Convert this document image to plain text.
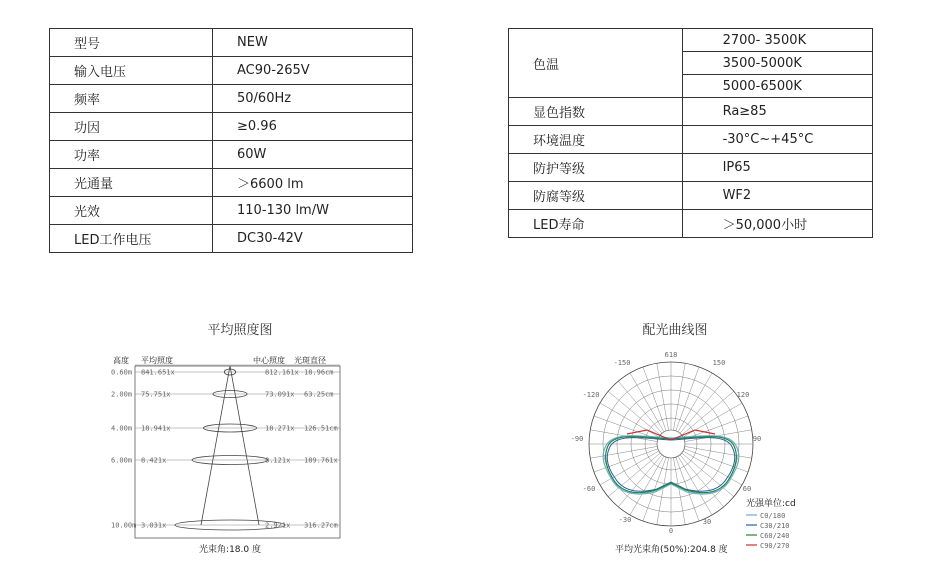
型号	NEW
输入电压	AC90-265V
频率	50/60Hz
功因	≥0.96
功率	60W
光通量	＞6600 lm
光效	110-130 lm/W
LED工作电压	DC30-42V
色温	2700- 3500K
	3500-5000K
	5000-6500K
显色指数	Ra≥85
环境温度	-30°C~+45°C
防护等级	IP65
防腐等级	WF2
LED寿命	＞50,000小时
平均照度图	配光曲线图
高度 平均照度	中心照度 光斑直径
0.60m 841.651x	812.161x 18.96cm
2.00m 75.751x	73.091x 63.25cm
4.00m 18.941x	18.271x 126.51cm
6.00m 8.421x	8.121x 189.761x
10.00m 3.031x	2.921x 316.27cm
光束角:18.0 度
-150	150
-120	120
-90	90
-60	60
-30
0
30
618
光强单位:cd
C0/180
C30/210
C60/240
C90/270
平均光束角(50%):204.8 度
